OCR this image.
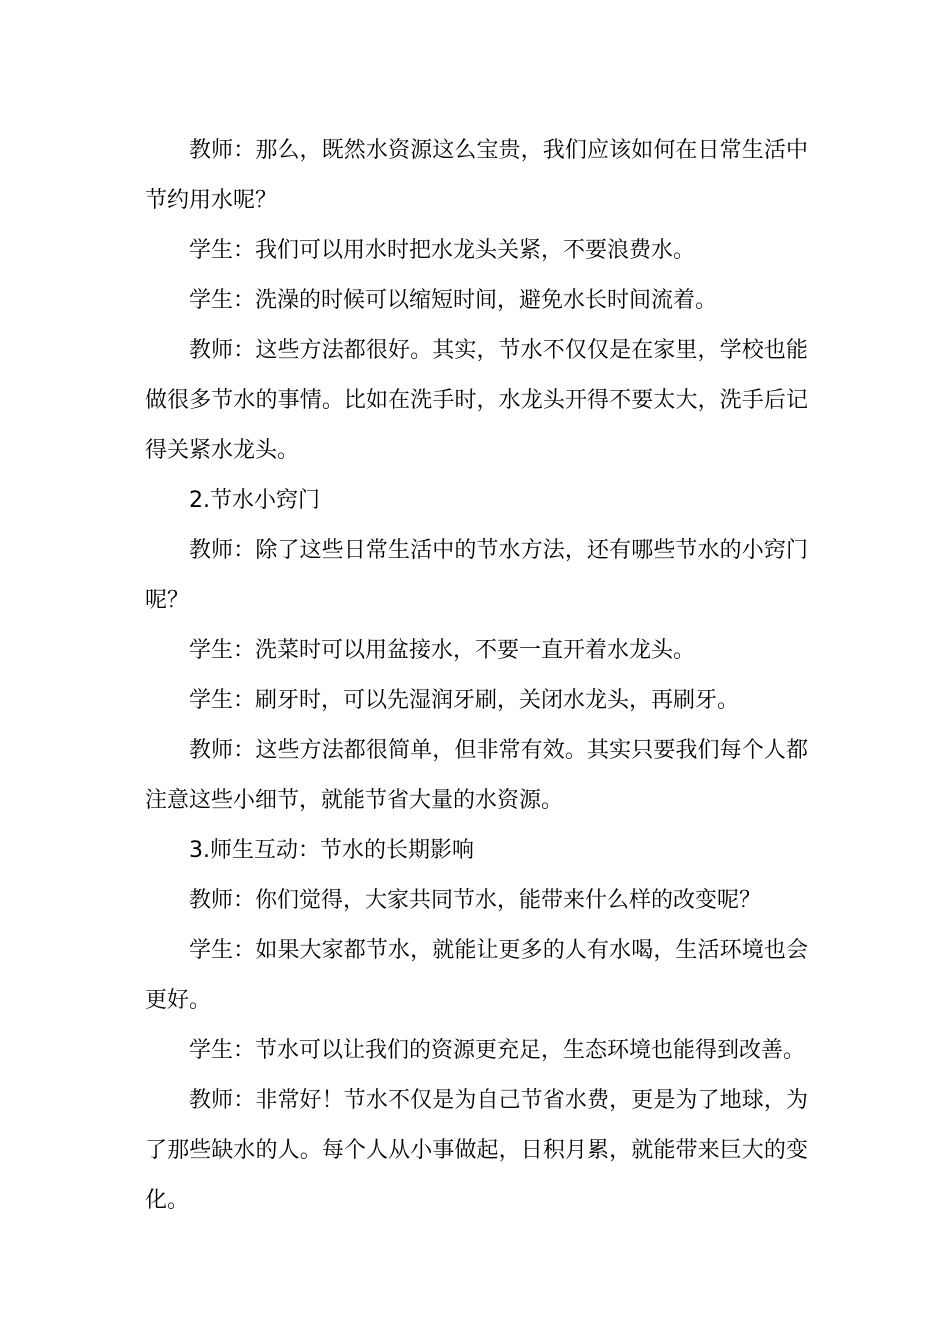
教师：那么，既然水资源这么宝贵，我们应该如何在日常生活中节约用水呢？

学生：我们可以用水时把水龙头关紧，不要浪费水。

学生：洗澡的时候可以缩短时间，避免水长时间流着。

教师：这些方法都很好。其实，节水不仅仅是在家里，学校也能做很多节水的事情。比如在洗手时，水龙头开得不要太大，洗手后记得关紧水龙头。

2.节水小窍门

教师：除了这些日常生活中的节水方法，还有哪些节水的小窍门呢？

学生：洗菜时可以用盆接水，不要一直开着水龙头。

学生：刷牙时，可以先湿润牙刷，关闭水龙头，再刷牙。

教师：这些方法都很简单，但非常有效。其实只要我们每个人都注意这些小细节，就能节省大量的水资源。

3.师生互动：节水的长期影响

教师：你们觉得，大家共同节水，能带来什么样的改变呢？

学生：如果大家都节水，就能让更多的人有水喝，生活环境也会更好。

学生：节水可以让我们的资源更充足，生态环境也能得到改善。

教师：非常好！节水不仅是为自己节省水费，更是为了地球，为了那些缺水的人。每个人从小事做起，日积月累，就能带来巨大的变化。
